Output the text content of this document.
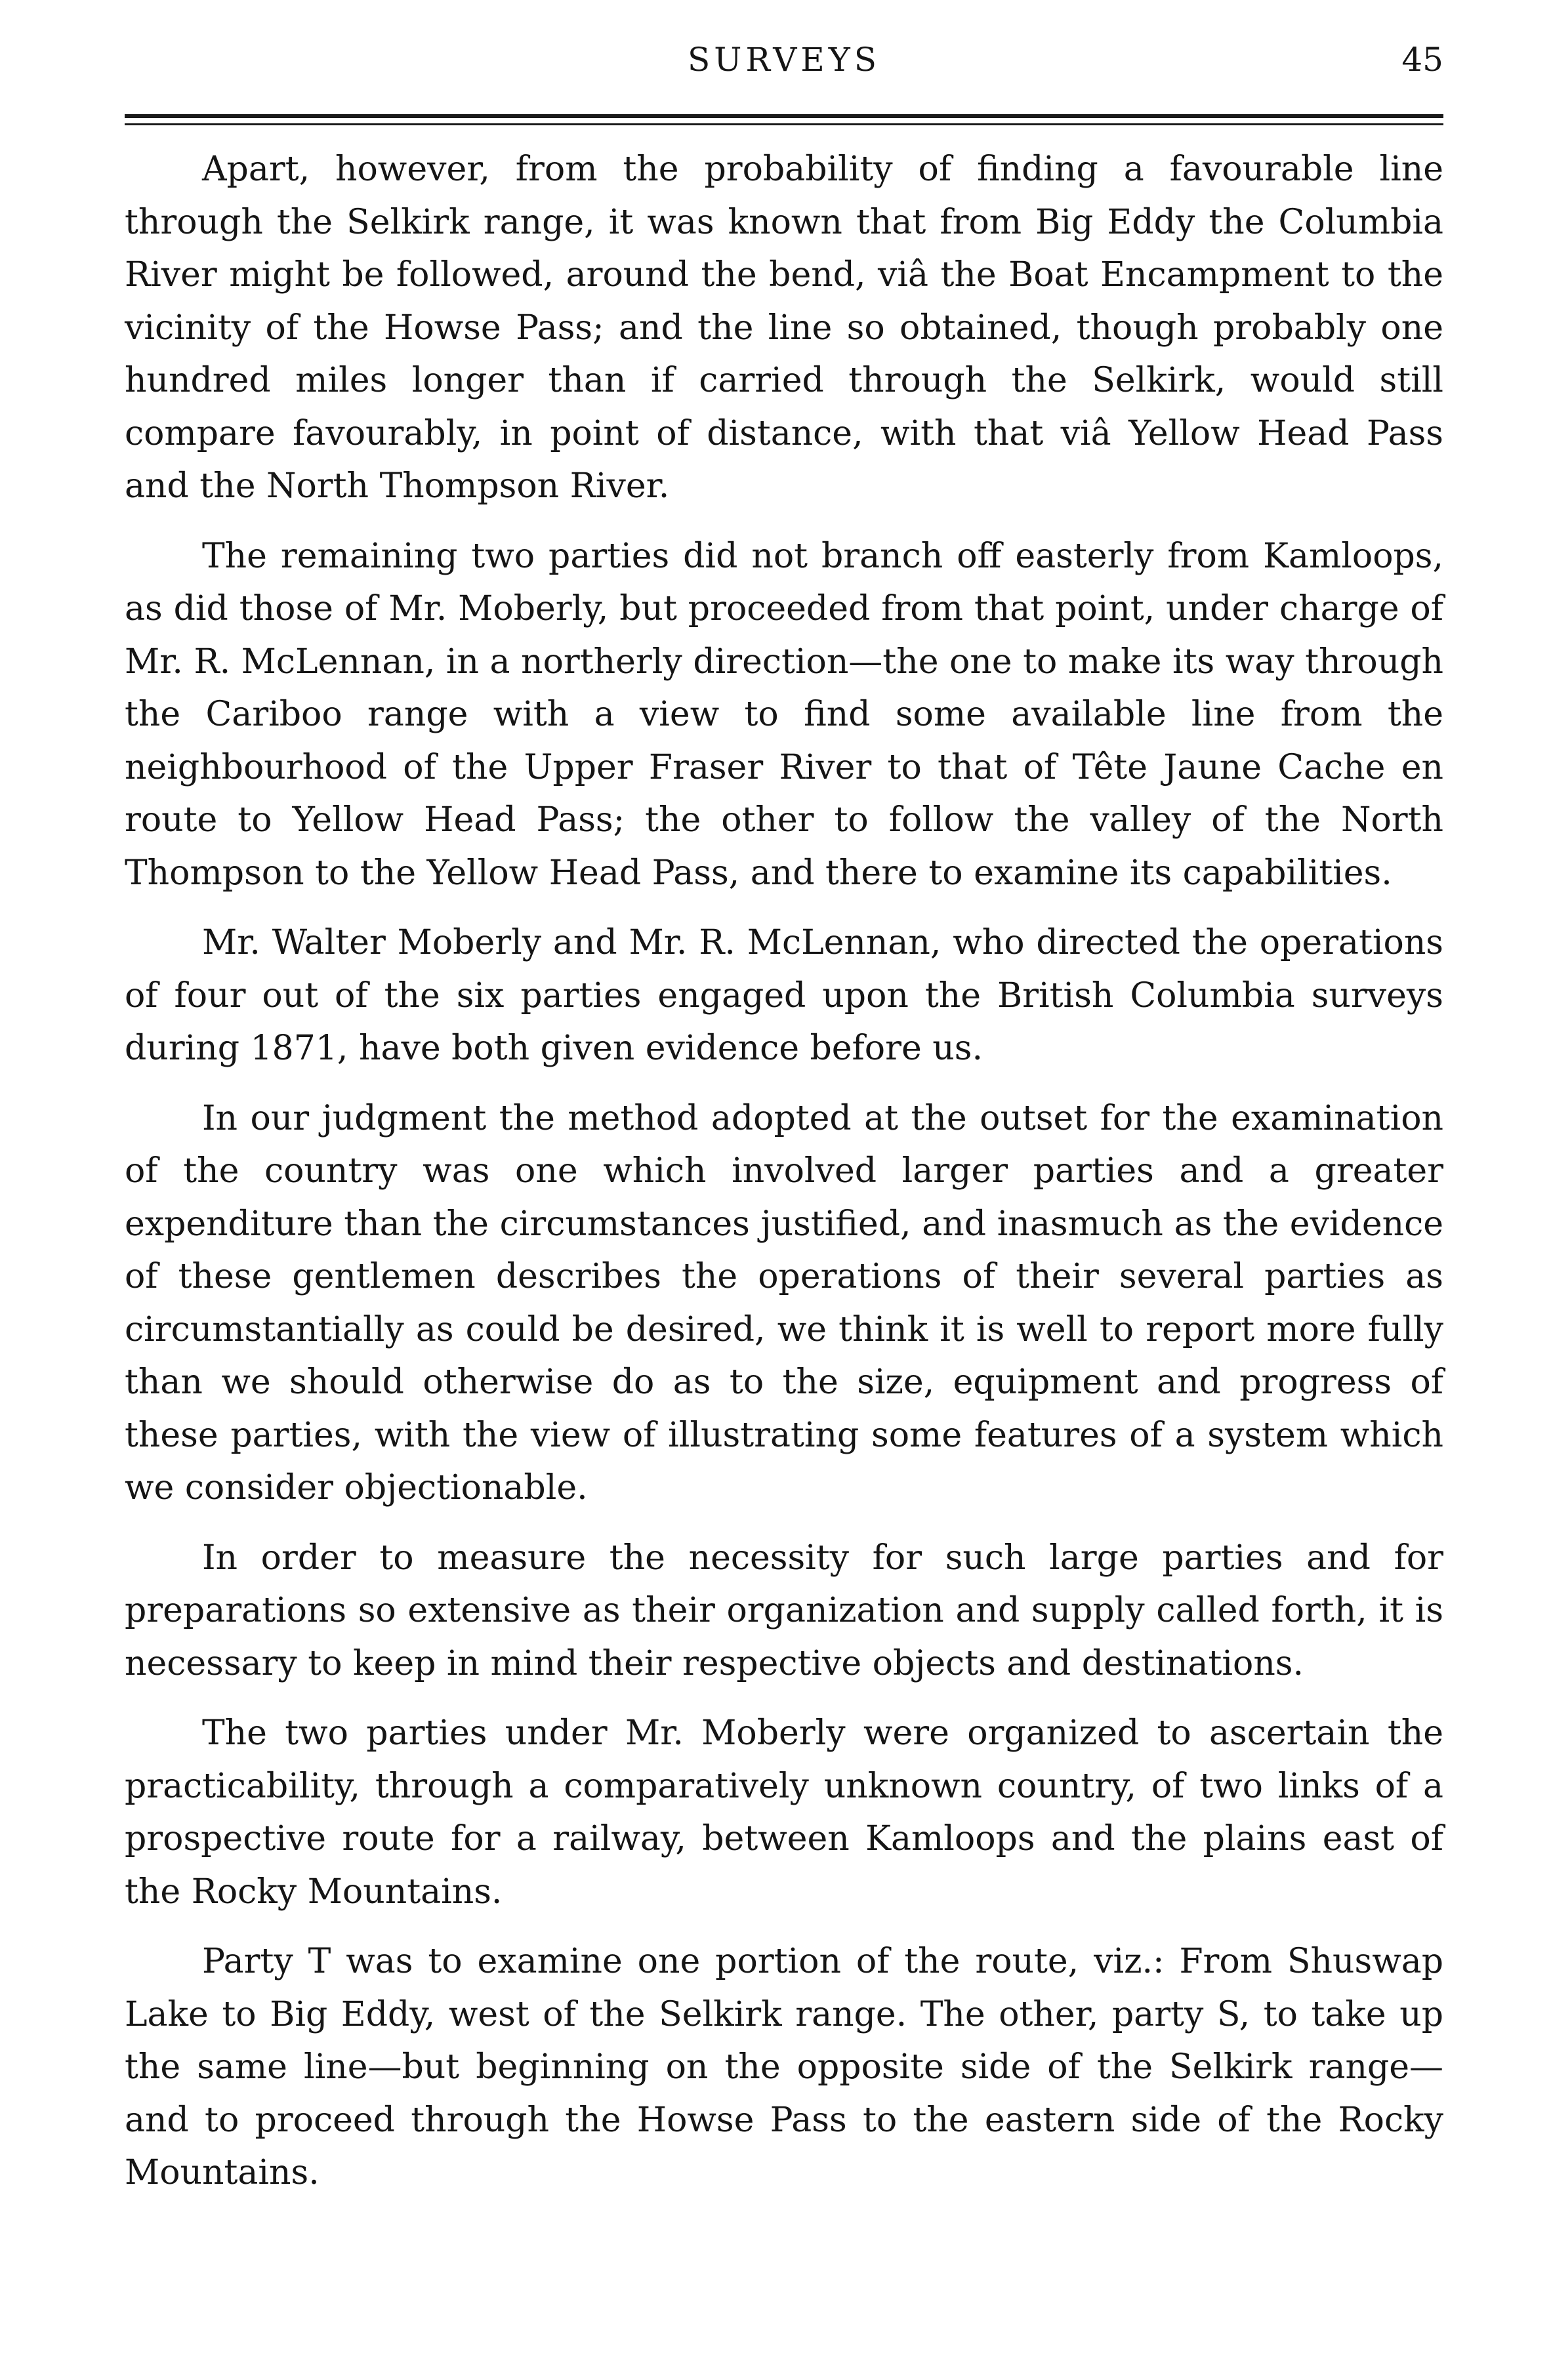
SURVEYS	45

Apart, however, from the probability of finding a favourable line through the Selkirk range, it was known that from Big Eddy the Columbia River might be followed, around the bend, viâ the Boat Encampment to the vicinity of the Howse Pass; and the line so obtained, though probably one hundred miles longer than if carried through the Selkirk, would still compare favourably, in point of distance, with that viâ Yellow Head Pass and the North Thompson River.

The remaining two parties did not branch off easterly from Kamloops, as did those of Mr. Moberly, but proceeded from that point, under charge of Mr. R. McLennan, in a northerly direction—the one to make its way through the Cariboo range with a view to find some available line from the neighbourhood of the Upper Fraser River to that of Tête Jaune Cache en route to Yellow Head Pass; the other to follow the valley of the North Thompson to the Yellow Head Pass, and there to examine its capabilities.

Mr. Walter Moberly and Mr. R. McLennan, who directed the operations of four out of the six parties engaged upon the British Columbia surveys during 1871, have both given evidence before us.

In our judgment the method adopted at the outset for the examination of the country was one which involved larger parties and a greater expenditure than the circumstances justified, and inasmuch as the evidence of these gentlemen describes the operations of their several parties as circumstantially as could be desired, we think it is well to report more fully than we should otherwise do as to the size, equipment and progress of these parties, with the view of illustrating some features of a system which we consider objectionable.

In order to measure the necessity for such large parties and for preparations so extensive as their organization and supply called forth, it is necessary to keep in mind their respective objects and destinations.

The two parties under Mr. Moberly were organized to ascertain the practicability, through a comparatively unknown country, of two links of a prospective route for a railway, between Kamloops and the plains east of the Rocky Mountains.

Party T was to examine one portion of the route, viz.: From Shuswap Lake to Big Eddy, west of the Selkirk range. The other, party S, to take up the same line—but beginning on the opposite side of the Selkirk range—and to proceed through the Howse Pass to the eastern side of the Rocky Mountains.
